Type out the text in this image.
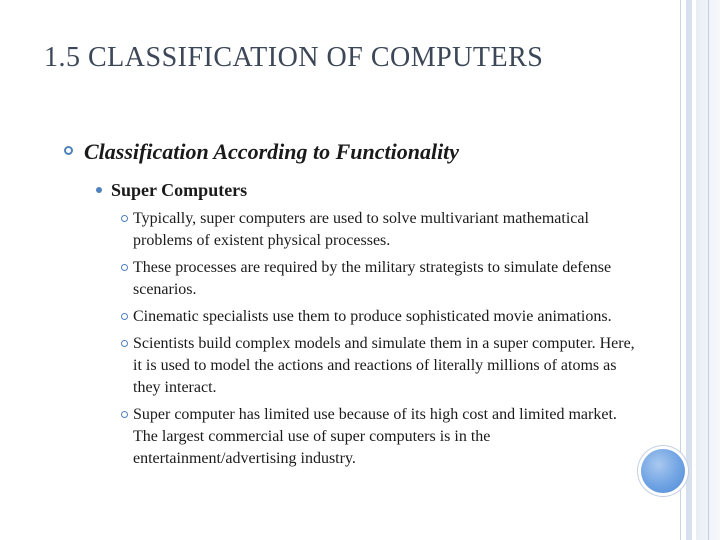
1.5 CLASSIFICATION OF COMPUTERS
Classification According to Functionality
Super Computers
Typically, super computers are used to solve multivariant mathematical problems of existent physical processes.
These processes are required by the military strategists to simulate defense scenarios.
Cinematic specialists use them to produce sophisticated movie animations.
Scientists build complex models and simulate them in a super computer. Here, it is used to model the actions and reactions of literally millions of atoms as they interact.
Super computer has limited use because of its high cost and limited market. The largest commercial use of super computers is in the entertainment/advertising industry.
